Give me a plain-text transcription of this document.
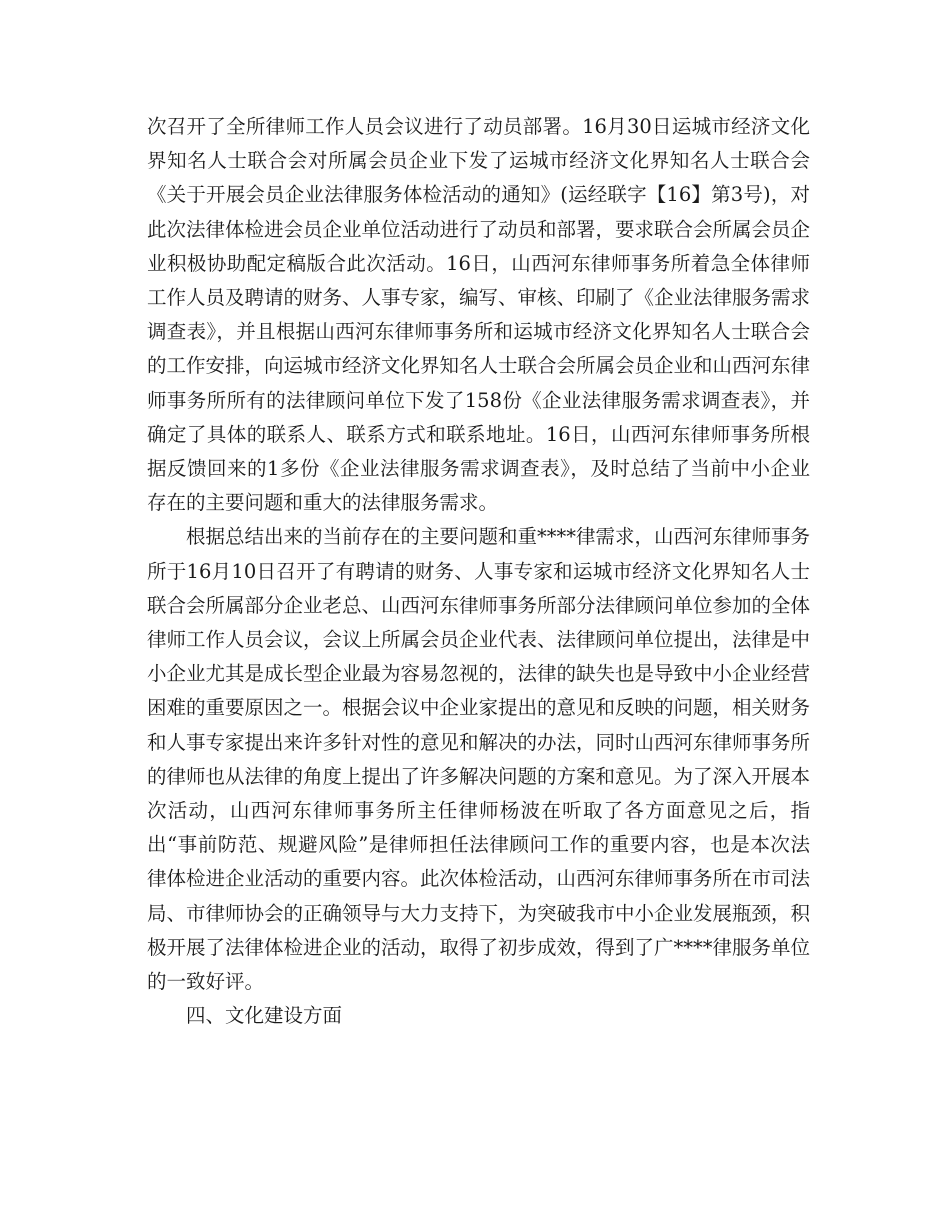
次召开了全所律师工作人员会议进行了动员部署。16月30日运城市经济文化界知名人士联合会对所属会员企业下发了运城市经济文化界知名人士联合会《关于开展会员企业法律服务体检活动的通知》(运经联字【16】第3号)，对此次法律体检进会员企业单位活动进行了动员和部署，要求联合会所属会员企业积极协助配定稿版合此次活动。16日，山西河东律师事务所着急全体律师工作人员及聘请的财务、人事专家，编写、审核、印刷了《企业法律服务需求调查表》，并且根据山西河东律师事务所和运城市经济文化界知名人士联合会的工作安排，向运城市经济文化界知名人士联合会所属会员企业和山西河东律师事务所所有的法律顾问单位下发了158份《企业法律服务需求调查表》，并确定了具体的联系人、联系方式和联系地址。16日，山西河东律师事务所根据反馈回来的1多份《企业法律服务需求调查表》，及时总结了当前中小企业存在的主要问题和重大的法律服务需求。

根据总结出来的当前存在的主要问题和重****律需求，山西河东律师事务所于16月10日召开了有聘请的财务、人事专家和运城市经济文化界知名人士联合会所属部分企业老总、山西河东律师事务所部分法律顾问单位参加的全体律师工作人员会议，会议上所属会员企业代表、法律顾问单位提出，法律是中小企业尤其是成长型企业最为容易忽视的，法律的缺失也是导致中小企业经营困难的重要原因之一。根据会议中企业家提出的意见和反映的问题，相关财务和人事专家提出来许多针对性的意见和解决的办法，同时山西河东律师事务所的律师也从法律的角度上提出了许多解决问题的方案和意见。为了深入开展本次活动，山西河东律师事务所主任律师杨波在听取了各方面意见之后，指出“事前防范、规避风险”是律师担任法律顾问工作的重要内容，也是本次法律体检进企业活动的重要内容。此次体检活动，山西河东律师事务所在市司法局、市律师协会的正确领导与大力支持下，为突破我市中小企业发展瓶颈，积极开展了法律体检进企业的活动，取得了初步成效，得到了广****律服务单位的一致好评。

四、文化建设方面
